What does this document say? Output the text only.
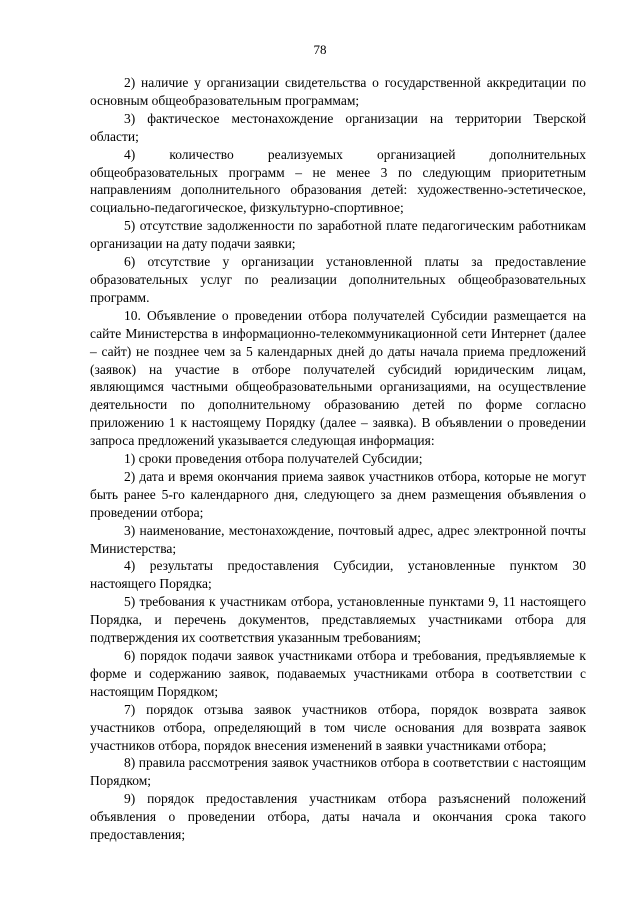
78

2) наличие у организации свидетельства о государственной аккредитации по основным общеобразовательным программам;

3) фактическое местонахождение организации на территории Тверской области;

4) количество реализуемых организацией дополнительных общеобразовательных программ – не менее 3 по следующим приоритетным направлениям дополнительного образования детей: художественно-эстетическое, социально-педагогическое, физкультурно-спортивное;

5) отсутствие задолженности по заработной плате педагогическим работникам организации на дату подачи заявки;

6) отсутствие у организации установленной платы за предоставление образовательных услуг по реализации дополнительных общеобразовательных программ.

10. Объявление о проведении отбора получателей Субсидии размещается на сайте Министерства в информационно-телекоммуникационной сети Интернет (далее – сайт) не позднее чем за 5 календарных дней до даты начала приема предложений (заявок) на участие в отборе получателей субсидий юридическим лицам, являющимся частными общеобразовательными организациями, на осуществление деятельности по дополнительному образованию детей по форме согласно приложению 1 к настоящему Порядку (далее – заявка). В объявлении о проведении запроса предложений указывается следующая информация:

1) сроки проведения отбора получателей Субсидии;

2) дата и время окончания приема заявок участников отбора, которые не могут быть ранее 5-го календарного дня, следующего за днем размещения объявления о проведении отбора;

3) наименование, местонахождение, почтовый адрес, адрес электронной почты Министерства;

4) результаты предоставления Субсидии, установленные пунктом 30 настоящего Порядка;

5) требования к участникам отбора, установленные пунктами 9, 11 настоящего Порядка, и перечень документов, представляемых участниками отбора для подтверждения их соответствия указанным требованиям;

6) порядок подачи заявок участниками отбора и требования, предъявляемые к форме и содержанию заявок, подаваемых участниками отбора в соответствии с настоящим Порядком;

7) порядок отзыва заявок участников отбора, порядок возврата заявок участников отбора, определяющий в том числе основания для возврата заявок участников отбора, порядок внесения изменений в заявки участниками отбора;

8) правила рассмотрения заявок участников отбора в соответствии с настоящим Порядком;

9) порядок предоставления участникам отбора разъяснений положений объявления о проведении отбора, даты начала и окончания срока такого предоставления;
